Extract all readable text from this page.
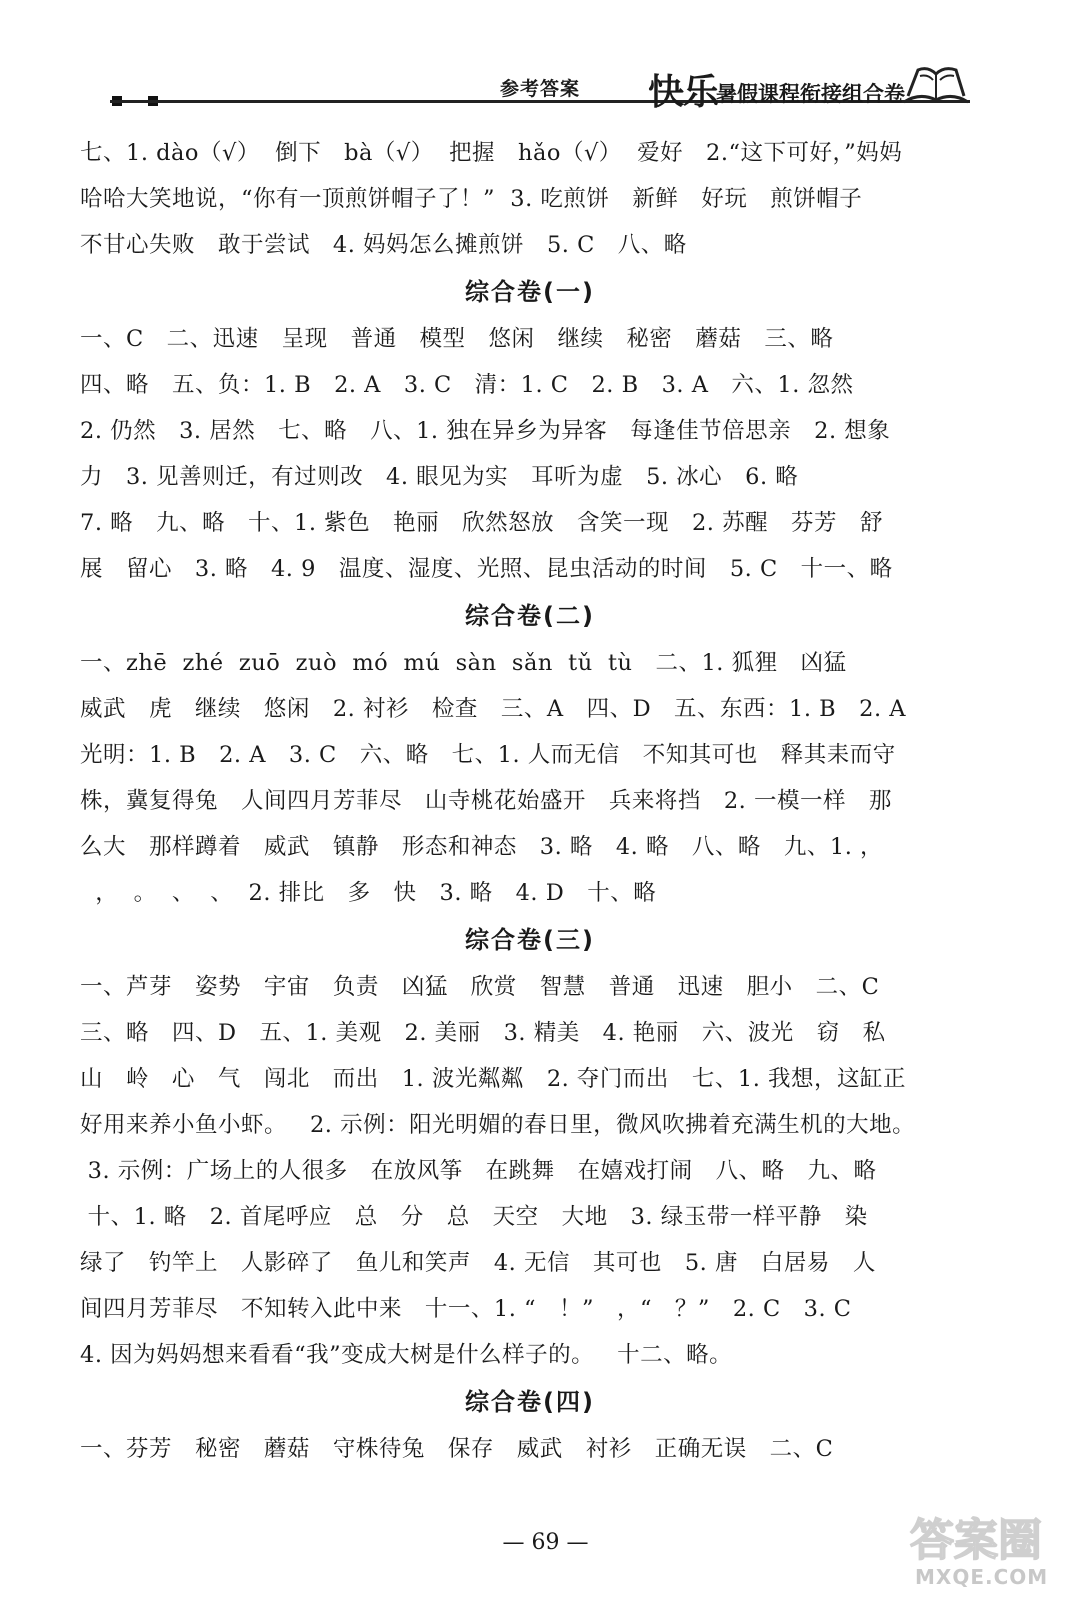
参考答案 快乐
暑假课程衔接组合卷
七、1. dào（√）  倒下   bà（√）  把握   hǎo（√）  爱好   2.“这下可好，”妈妈
哈哈大笑地说，“你有一顶煎饼帽子了！”  3. 吃煎饼   新鲜   好玩   煎饼帽子
不甘心失败   敢于尝试   4. 妈妈怎么摊煎饼   5. C   八、略
综合卷(一)
一、C   二、迅速   呈现   普通   模型   悠闲   继续   秘密   蘑菇   三、略
四、略   五、负：1. B   2. A   3. C   清：1. C   2. B   3. A   六、1. 忽然
2. 仍然   3. 居然   七、略   八、1. 独在异乡为异客   每逢佳节倍思亲   2. 想象
力   3. 见善则迁，有过则改   4. 眼见为实   耳听为虚   5. 冰心   6. 略
7. 略   九、略   十、1. 紫色   艳丽   欣然怒放   含笑一现   2. 苏醒   芬芳   舒
展   留心   3. 略   4. 9   温度、湿度、光照、昆虫活动的时间   5. C   十一、略
综合卷(二)
一、zhē  zhé  zuō  zuò  mó  mú  sàn  sǎn  tǔ  tù   二、1. 狐狸   凶猛
威武   虎   继续   悠闲   2. 衬衫   检查   三、A   四、D   五、东西：1. B   2. A
光明：1. B   2. A   3. C   六、略   七、1. 人而无信   不知其可也   释其耒而守
株，冀复得兔   人间四月芳菲尽   山寺桃花始盛开   兵来将挡   2. 一模一样   那
么大   那样蹲着   威武   镇静   形态和神态   3. 略   4. 略   八、略   九、1. ，
，  。  、  、  2. 排比   多   快   3. 略   4. D   十、略
综合卷(三)
一、芦芽   姿势   宇宙   负责   凶猛   欣赏   智慧   普通   迅速   胆小   二、C
三、略   四、D   五、1. 美观   2. 美丽   3. 精美   4. 艳丽   六、波光   窃   私
山   岭   心   气   闯北   而出   1. 波光粼粼   2. 夺门而出   七、1. 我想，这缸正
好用来养小鱼小虾。   2. 示例：阳光明媚的春日里，微风吹拂着充满生机的大地。
3. 示例：广场上的人很多   在放风筝   在跳舞   在嬉戏打闹   八、略   九、略
十、1. 略   2. 首尾呼应   总   分   总   天空   大地   3. 绿玉带一样平静   染
绿了   钓竿上   人影碎了   鱼儿和笑声   4. 无信   其可也   5. 唐   白居易   人
间四月芳菲尽   不知转入此中来   十一、1. “   ！”   ，“   ？”   2. C   3. C
4. 因为妈妈想来看看“我”变成大树是什么样子的。   十二、略。
综合卷(四)
一、芬芳   秘密   蘑菇   守株待兔   保存   威武   衬衫   正确无误   二、C
— 69 —	答案圈
MXQE.COM
